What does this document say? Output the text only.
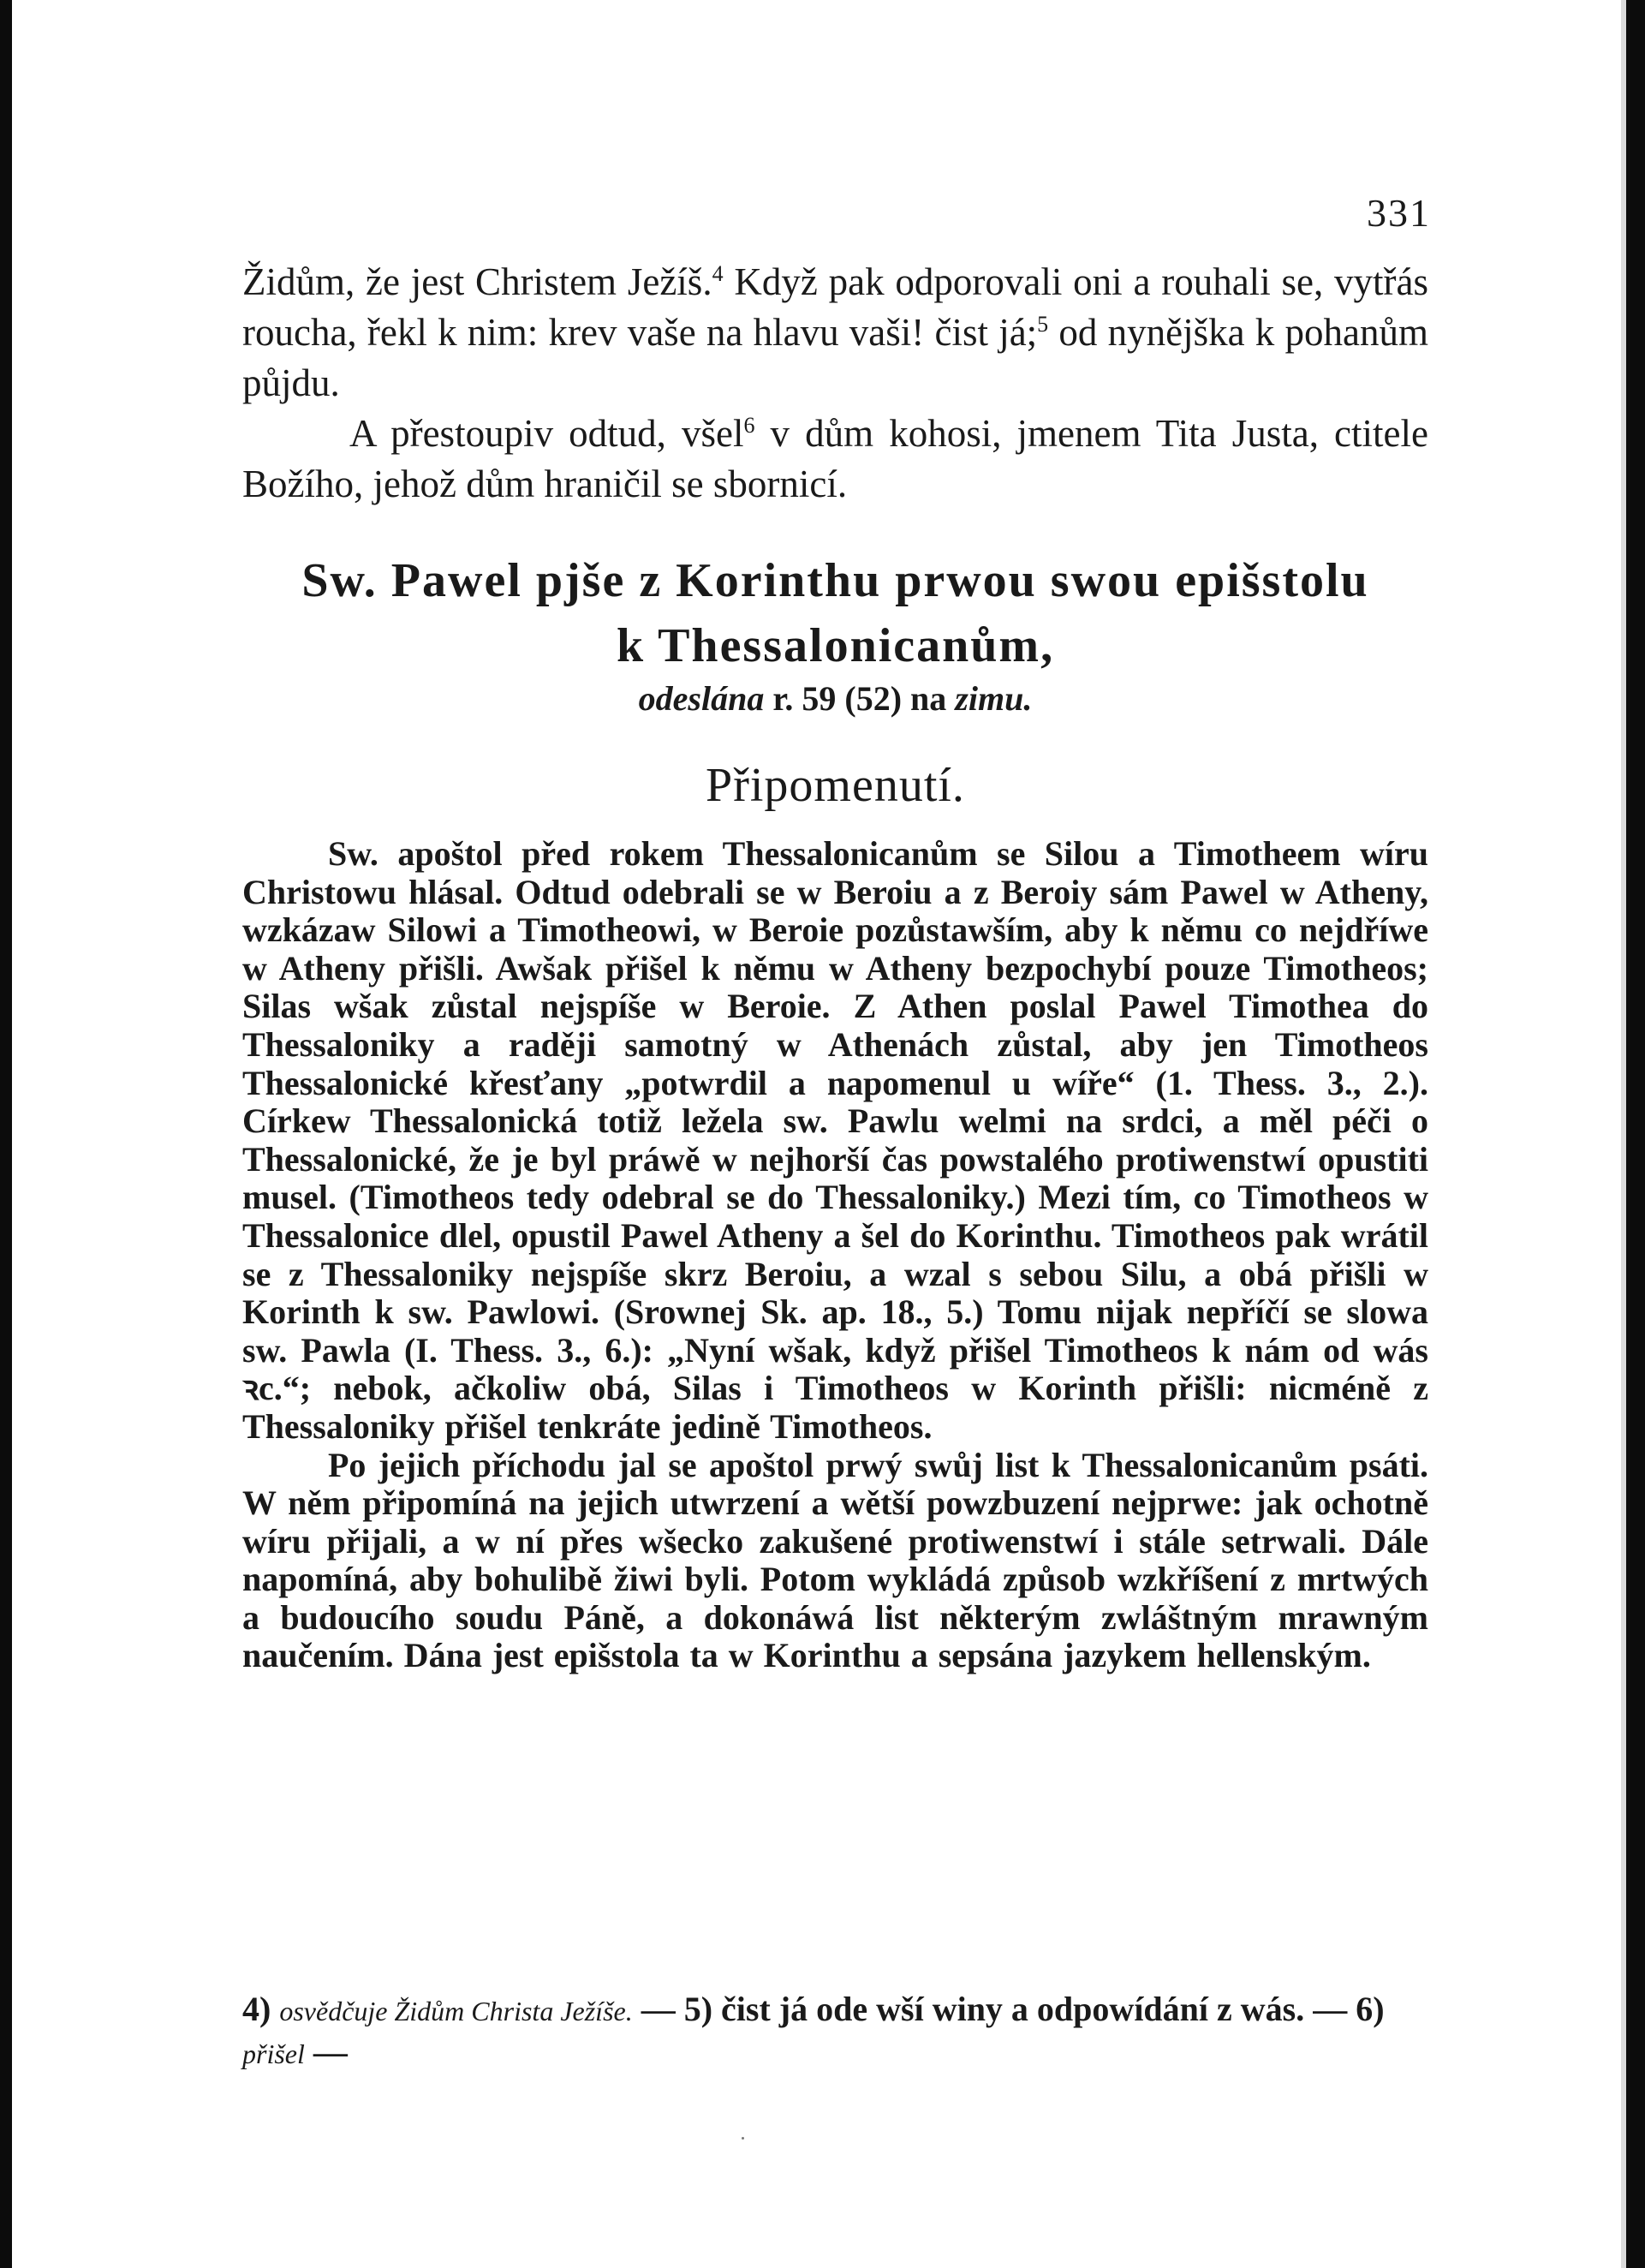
331

Židům, že jest Christem Ježíš.$^4$ Když pak odporovali oni a rouhali se, vytřás roucha, řekl k nim: krev vaše na hlavu vaši! čist já;$^5$ od nynějška k pohanům půjdu.

A přestoupiv odtud, všel$^6$ v dům kohosi, jmenem Tita Justa, ctitele Božího, jehož dům hraničil se sbornicí.

Sw. Pawel pjše z Korinthu prwou swou epišstolu
k Thessalonicanům,
odeslána r. 59 (52) na zimu.
Připomenutí.

Sw. apoštol před rokem Thessalonicanům se Silou a Timotheem wíru Christowu hlásal. Odtud odebrali se w Beroiu a z Beroiy sám Pawel w Atheny, wzkázaw Silowi a Timotheowi, w Beroie pozůstawším, aby k němu co nejdříwe w Atheny přišli. Awšak přišel k němu w Atheny bezpochybí pouze Timotheos; Silas wšak zůstal nejspíše w Beroie. Z Athen poslal Pawel Timothea do Thessaloniky a raději samotný w Athenách zůstal, aby jen Timotheos Thessalonické křesťany „potwrdil a napomenul u wíře“ (1. Thess. 3., 2.). Církew Thessalonická totiž ležela sw. Pawlu welmi na srdci, a měl péči o Thessalonické, že je byl práwě w nejhorší čas powstalého protiwenstwí opustiti musel. (Timotheos tedy odebral se do Thessaloniky.) Mezi tím, co Timotheos w Thessalonice dlel, opustil Pawel Atheny a šel do Korinthu. Timotheos pak wrátil se z Thessaloniky nejspíše skrz Beroiu, a wzal s sebou Silu, a obá přišli w Korinth k sw. Pawlowi. (Srownej Sk. ap. 18., 5.) Tomu nijak nepříčí se slowa sw. Pawla (I. Thess. 3., 6.): „Nyní wšak, když přišel Timotheos k nám od wás ꝛc.“; nebok, ačkoliw obá, Silas i Timotheos w Korinth přišli: nicméně z Thessaloniky přišel tenkráte jedině Timotheos.

Po jejich příchodu jal se apoštol prwý swůj list k Thessalonicanům psáti. W něm připomíná na jejich utwrzení a wětší powzbuzení nejprwe: jak ochotně wíru přijali, a w ní přes wšecko zakušené protiwenstwí i stále setrwali. Dále napomíná, aby bohulibě žiwi byli. Potom wykládá způsob wzkříšení z mrtwých a budoucího soudu Páně, a dokonáwá list některým zwláštným mrawným naučením. Dána jest epišstola ta w Korinthu a sepsána jazykem hellenským.

4) osvědčuje Židům Christa Ježíše. — 5) čist já ode wší winy a odpowídání z wás. — 6) přišel —
